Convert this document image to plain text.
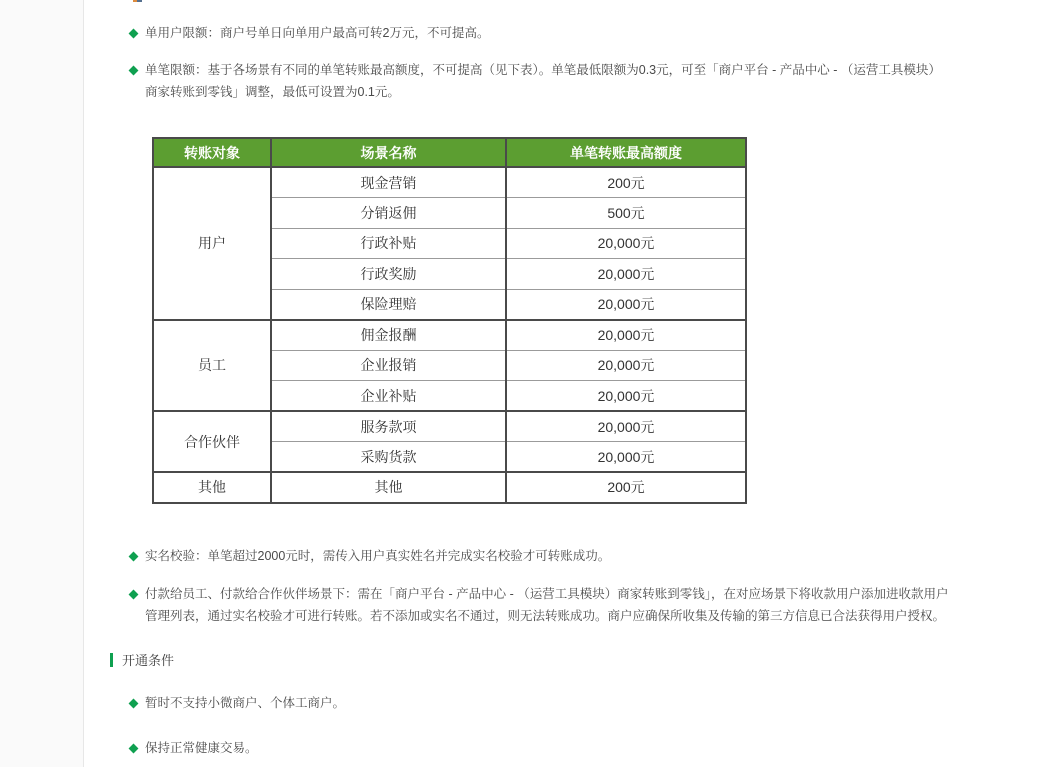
单用户限额：商户号单日向单用户最高可转2万元，不可提高。
单笔限额：基于各场景有不同的单笔转账最高额度，不可提高（见下表）。单笔最低限额为0.3元，可至「商户平台 - 产品中心 - （运营工具模块）
商家转账到零钱」调整，最低可设置为0.1元。
转账对象	场景名称	单笔转账最高额度
用户	现金营销	200元
	分销返佣	500元
	行政补贴	20,000元
	行政奖励	20,000元
	保险理赔	20,000元
员工	佣金报酬	20,000元
	企业报销	20,000元
	企业补贴	20,000元
合作伙伴	服务款项	20,000元
	采购货款	20,000元
其他	其他	200元
实名校验：单笔超过2000元时，需传入用户真实姓名并完成实名校验才可转账成功。
付款给员工、付款给合作伙伴场景下：需在「商户平台 - 产品中心 - （运营工具模块）商家转账到零钱」，在对应场景下将收款用户添加进收款用户
管理列表，通过实名校验才可进行转账。若不添加或实名不通过，则无法转账成功。商户应确保所收集及传输的第三方信息已合法获得用户授权。
开通条件
暂时不支持小微商户、个体工商户。
保持正常健康交易。
